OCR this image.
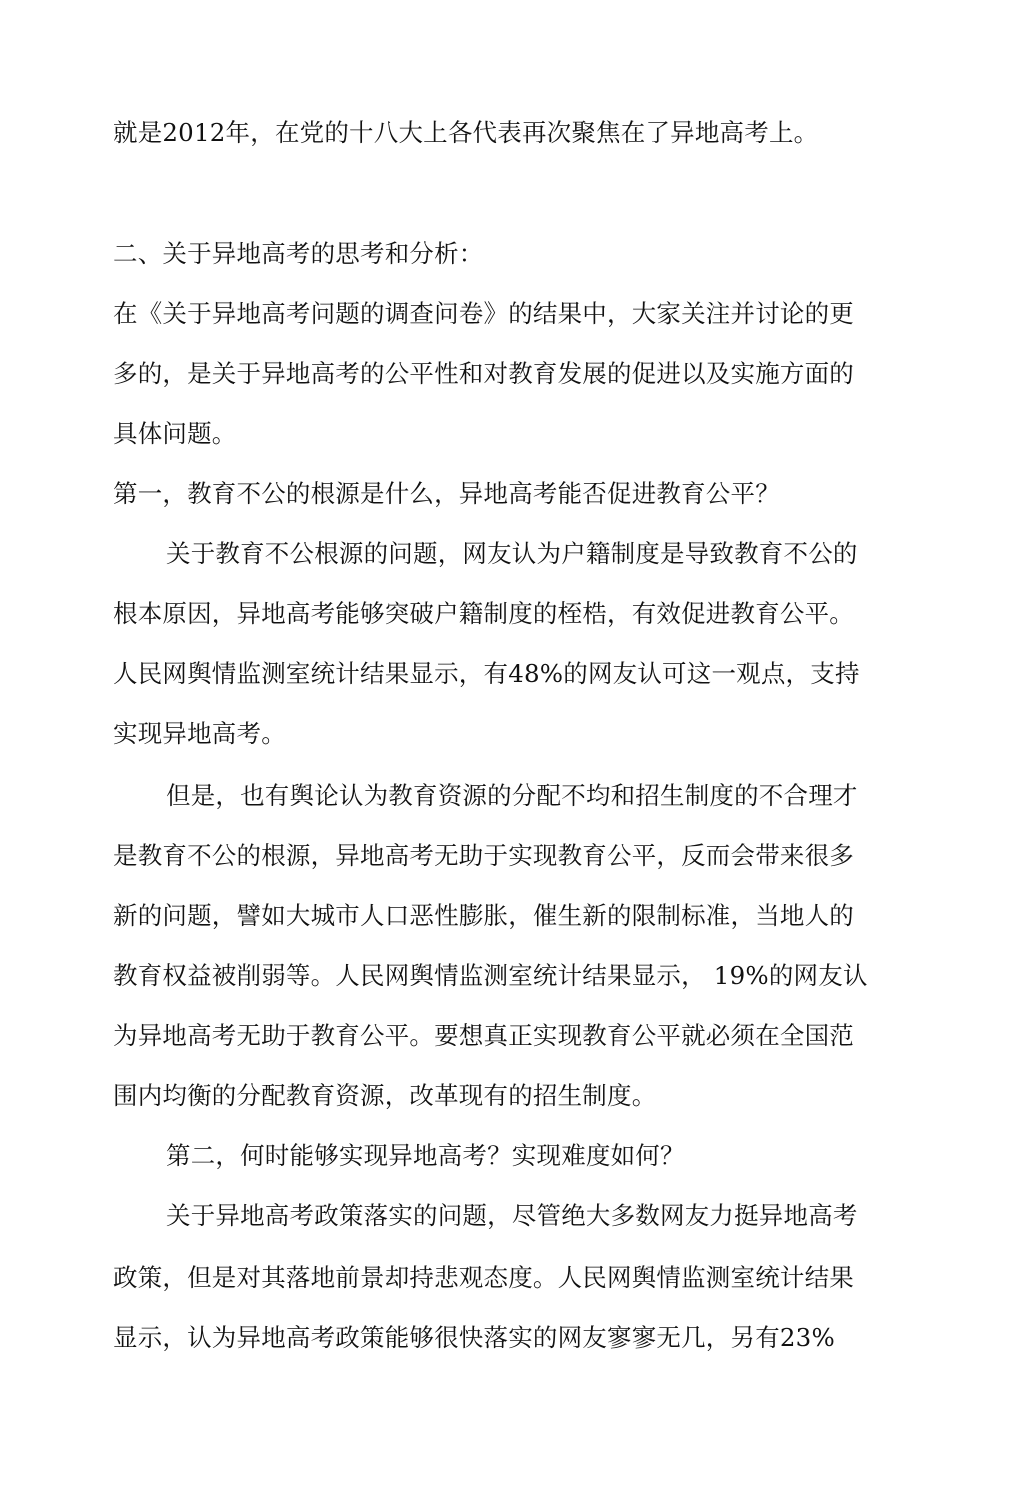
就是2012年，在党的十八大上各代表再次聚焦在了异地高考上。
二、关于异地高考的思考和分析：
在《关于异地高考问题的调查问卷》的结果中，大家关注并讨论的更
多的，是关于异地高考的公平性和对教育发展的促进以及实施方面的
具体问题。
第一，教育不公的根源是什么，异地高考能否促进教育公平？
关于教育不公根源的问题，网友认为户籍制度是导致教育不公的
根本原因，异地高考能够突破户籍制度的桎梏，有效促进教育公平。
人民网舆情监测室统计结果显示，有48%的网友认可这一观点，支持
实现异地高考。
但是，也有舆论认为教育资源的分配不均和招生制度的不合理才
是教育不公的根源，异地高考无助于实现教育公平，反而会带来很多
新的问题，譬如大城市人口恶性膨胀，催生新的限制标准，当地人的
教育权益被削弱等。人民网舆情监测室统计结果显示， 19%的网友认
为异地高考无助于教育公平。要想真正实现教育公平就必须在全国范
围内均衡的分配教育资源，改革现有的招生制度。
第二，何时能够实现异地高考？实现难度如何？
关于异地高考政策落实的问题，尽管绝大多数网友力挺异地高考
政策，但是对其落地前景却持悲观态度。人民网舆情监测室统计结果
显示，认为异地高考政策能够很快落实的网友寥寥无几，另有23%
